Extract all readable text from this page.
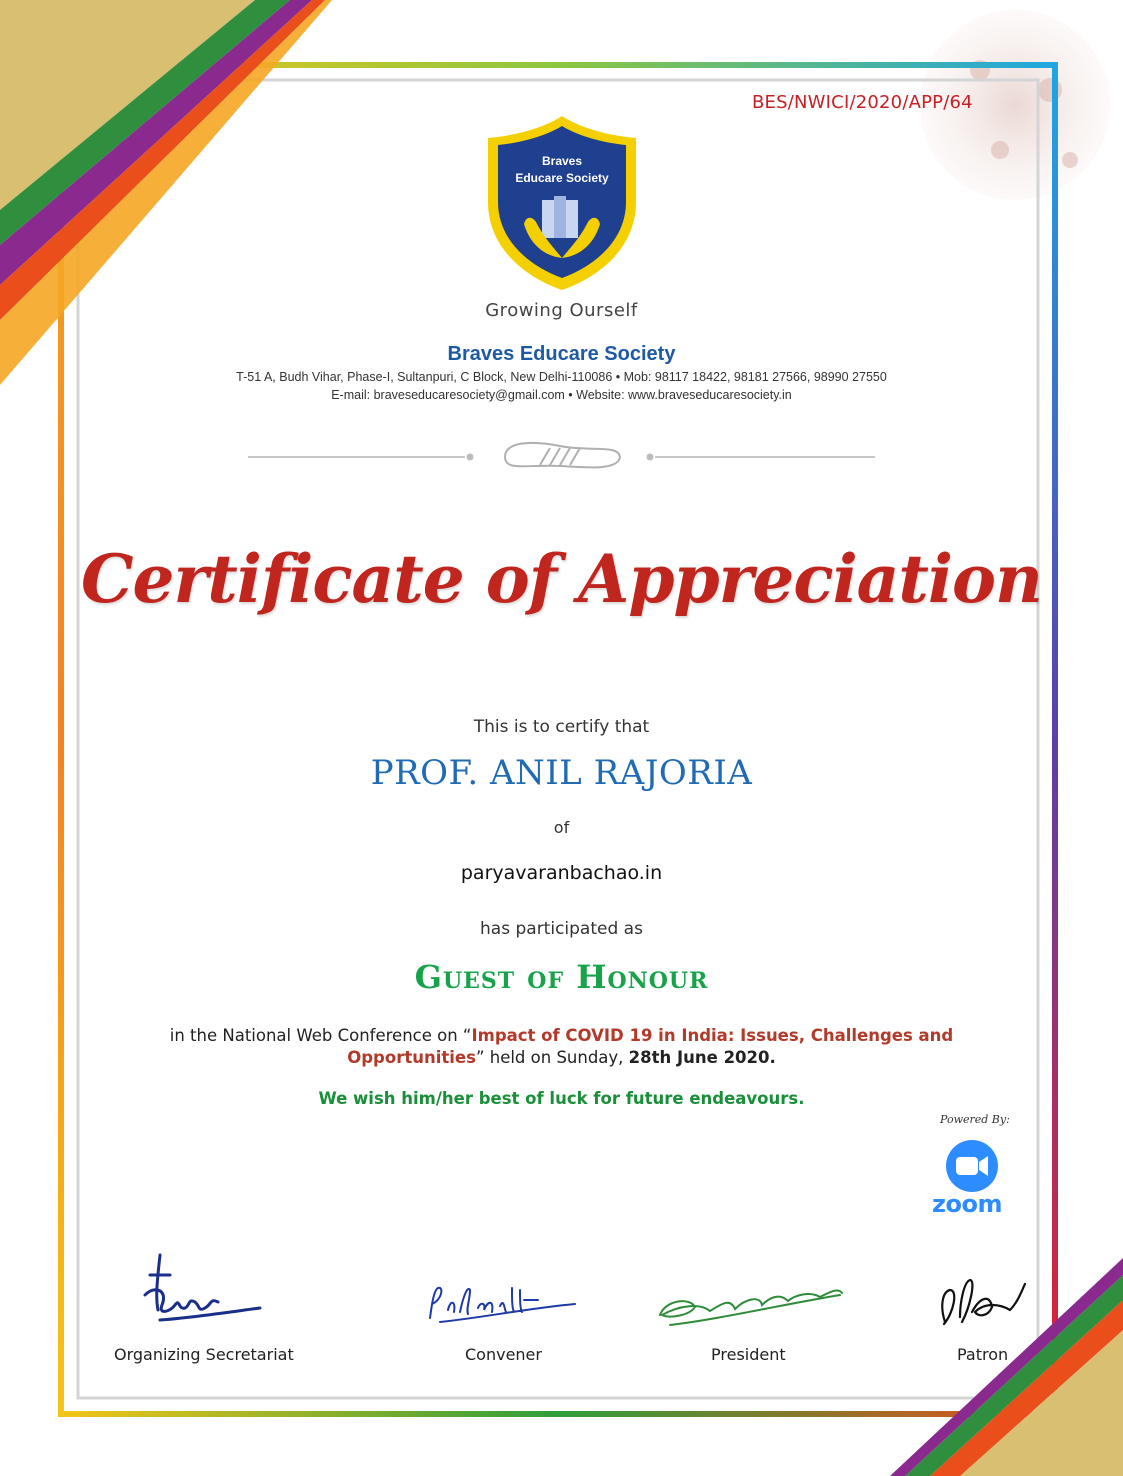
BES/NWICI/2020/APP/64
Braves
Educare Society
Growing Ourself
Braves Educare Society
T-51 A, Budh Vihar, Phase-I, Sultanpuri, C Block, New Delhi-110086 • Mob: 98117 18422, 98181 27566, 98990 27550
E-mail: braveseducaresociety@gmail.com • Website: www.braveseducaresociety.in
Certificate of Appreciation
This is to certify that
PROF. ANIL RAJORIA
of
paryavaranbachao.in
has participated as
Guest of Honour
in the National Web Conference on “Impact of COVID 19 in India: Issues, Challenges and
Opportunities” held on Sunday, 28th June 2020.
We wish him/her best of luck for future endeavours.
Powered By:
zoom
Organizing Secretariat	Convener	President	Patron
